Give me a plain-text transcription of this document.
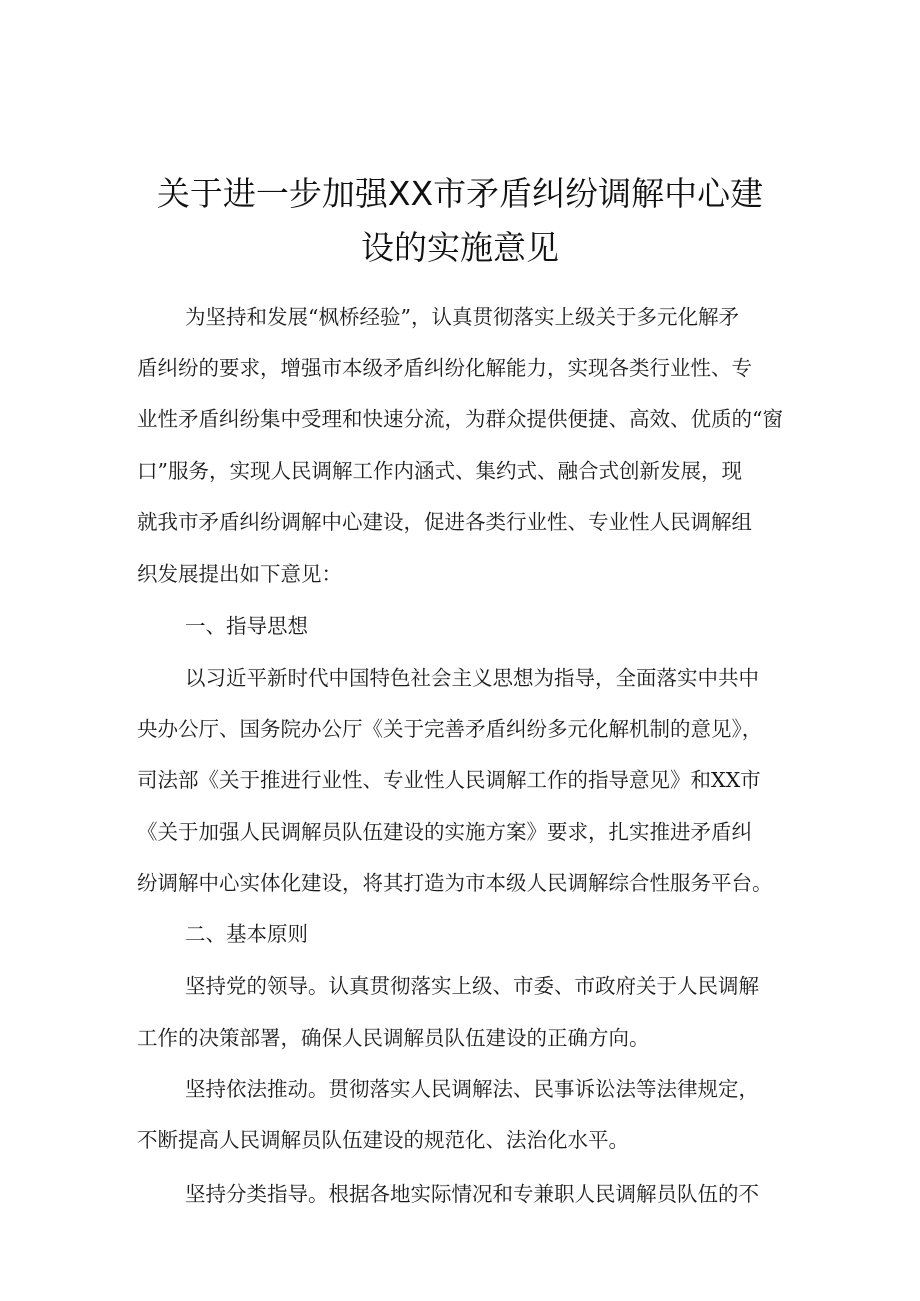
关于进一步加强XX市矛盾纠纷调解中心建
设的实施意见
为坚持和发展“枫桥经验”，认真贯彻落实上级关于多元化解矛
盾纠纷的要求，增强市本级矛盾纠纷化解能力，实现各类行业性、专
业性矛盾纠纷集中受理和快速分流，为群众提供便捷、高效、优质的“窗
口”服务，实现人民调解工作内涵式、集约式、融合式创新发展，现
就我市矛盾纠纷调解中心建设，促进各类行业性、专业性人民调解组
织发展提出如下意见：
一、指导思想
以习近平新时代中国特色社会主义思想为指导，全面落实中共中
央办公厅、国务院办公厅《关于完善矛盾纠纷多元化解机制的意见》，
司法部《关于推进行业性、专业性人民调解工作的指导意见》和XX市
《关于加强人民调解员队伍建设的实施方案》要求，扎实推进矛盾纠
纷调解中心实体化建设，将其打造为市本级人民调解综合性服务平台。
二、基本原则
坚持党的领导。认真贯彻落实上级、市委、市政府关于人民调解
工作的决策部署，确保人民调解员队伍建设的正确方向。
坚持依法推动。贯彻落实人民调解法、民事诉讼法等法律规定，
不断提高人民调解员队伍建设的规范化、法治化水平。
坚持分类指导。根据各地实际情况和专兼职人民调解员队伍的不
